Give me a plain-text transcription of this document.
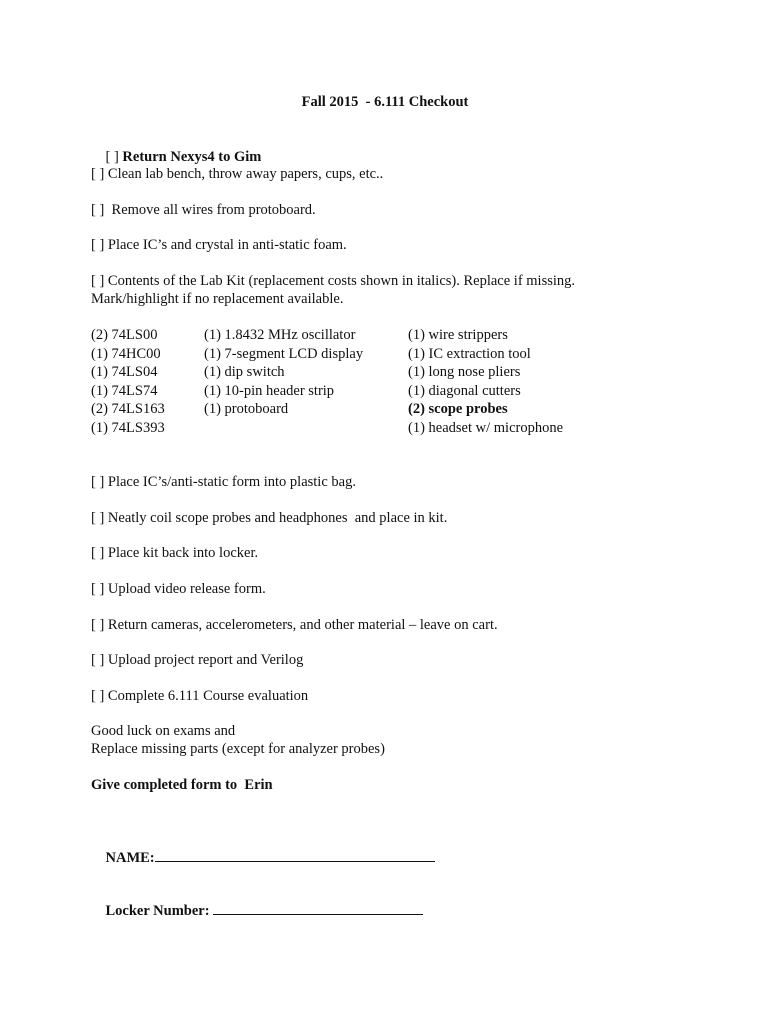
Fall 2015  - 6.111 Checkout

[ ] Return Nexys4 to Gim

[ ] Clean lab bench, throw away papers, cups, etc..
[ ]  Remove all wires from protoboard.
[ ] Place IC’s and crystal in anti-static foam.
[ ] Contents of the Lab Kit (replacement costs shown in italics). Replace if missing.
Mark/highlight if no replacement available.
(2) 74LS00
(1) 74HC00
(1) 74LS04
(1) 74LS74
(2) 74LS163
(1) 74LS393
(1) 1.8432 MHz oscillator
(1) 7-segment LCD display
(1) dip switch
(1) 10-pin header strip
(1) protoboard
(1) wire strippers
(1) IC extraction tool
(1) long nose pliers
(1) diagonal cutters
(2) scope probes
(1) headset w/ microphone
[ ] Place IC’s/anti-static form into plastic bag.
[ ] Neatly coil scope probes and headphones  and place in kit.
[ ] Place kit back into locker.
[ ] Upload video release form.
[ ] Return cameras, accelerometers, and other material – leave on cart.
[ ] Upload project report and Verilog
[ ] Complete 6.111 Course evaluation
Good luck on exams and
Replace missing parts (except for analyzer probes)
Give completed form to  Erin

NAME:

Locker Number:
